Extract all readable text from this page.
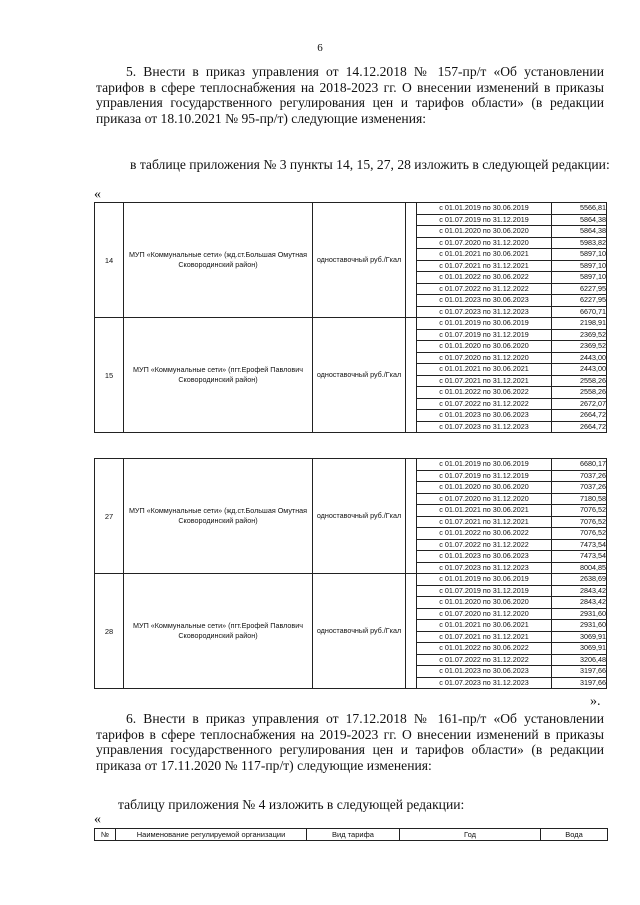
6
5. Внести в приказ управления от 14.12.2018 № 157-пр/т «Об установлении тарифов в сфере теплоснабжения на 2018-2023 гг. О внесении изменений в приказы управления государственного регулирования цен и тарифов области» (в редакции приказа от 18.10.2021 № 95-пр/т) следующие изменения:
в таблице приложения № 3 пункты 14, 15, 27, 28 изложить в следующей редакции:
«
14	МУП «Коммунальные сети» (жд.ст.Большая Омутная Сковородинский район)	одноставочный руб./Гкал		с 01.01.2019 по 30.06.2019	5566,81
				с 01.07.2019 по 31.12.2019	5864,38
				с 01.01.2020 по 30.06.2020	5864,38
				с 01.07.2020 по 31.12.2020	5983,82
				с 01.01.2021 по 30.06.2021	5897,10
				с 01.07.2021 по 31.12.2021	5897,10
				с 01.01.2022 по 30.06.2022	5897,10
				с 01.07.2022 по 31.12.2022	6227,95
				с 01.01.2023 по 30.06.2023	6227,95
				с 01.07.2023 по 31.12.2023	6670,71
15	МУП «Коммунальные сети» (пгт.Ерофей Павлович Сковородинский район)	одноставочный руб./Гкал		с 01.01.2019 по 30.06.2019	2198,91
				с 01.07.2019 по 31.12.2019	2369,52
				с 01.01.2020 по 30.06.2020	2369,52
				с 01.07.2020 по 31.12.2020	2443,00
				с 01.01.2021 по 30.06.2021	2443,00
				с 01.07.2021 по 31.12.2021	2558,26
				с 01.01.2022 по 30.06.2022	2558,26
				с 01.07.2022 по 31.12.2022	2672,07
				с 01.01.2023 по 30.06.2023	2664,72
				с 01.07.2023 по 31.12.2023	2664,72
27	МУП «Коммунальные сети» (жд.ст.Большая Омутная Сковородинский район)	одноставочный руб./Гкал		с 01.01.2019 по 30.06.2019	6680,17
				с 01.07.2019 по 31.12.2019	7037,26
				с 01.01.2020 по 30.06.2020	7037,26
				с 01.07.2020 по 31.12.2020	7180,58
				с 01.01.2021 по 30.06.2021	7076,52
				с 01.07.2021 по 31.12.2021	7076,52
				с 01.01.2022 по 30.06.2022	7076,52
				с 01.07.2022 по 31.12.2022	7473,54
				с 01.01.2023 по 30.06.2023	7473,54
				с 01.07.2023 по 31.12.2023	8004,85
28	МУП «Коммунальные сети» (пгт.Ерофей Павлович Сковородинский район)	одноставочный руб./Гкал		с 01.01.2019 по 30.06.2019	2638,69
				с 01.07.2019 по 31.12.2019	2843,42
				с 01.01.2020 по 30.06.2020	2843,42
				с 01.07.2020 по 31.12.2020	2931,60
				с 01.01.2021 по 30.06.2021	2931,60
				с 01.07.2021 по 31.12.2021	3069,91
				с 01.01.2022 по 30.06.2022	3069,91
				с 01.07.2022 по 31.12.2022	3206,48
				с 01.01.2023 по 30.06.2023	3197,66
				с 01.07.2023 по 31.12.2023	3197,66
».
6. Внести в приказ управления от 17.12.2018 № 161-пр/т «Об установлении тарифов в сфере теплоснабжения на 2019-2023 гг. О внесении изменений в приказы управления государственного регулирования цен и тарифов области» (в редакции приказа от 17.11.2020 № 117-пр/т) следующие изменения:
таблицу приложения № 4 изложить в следующей редакции:
«
№	Наименование регулируемой организации	Вид тарифа	Год	Вода
